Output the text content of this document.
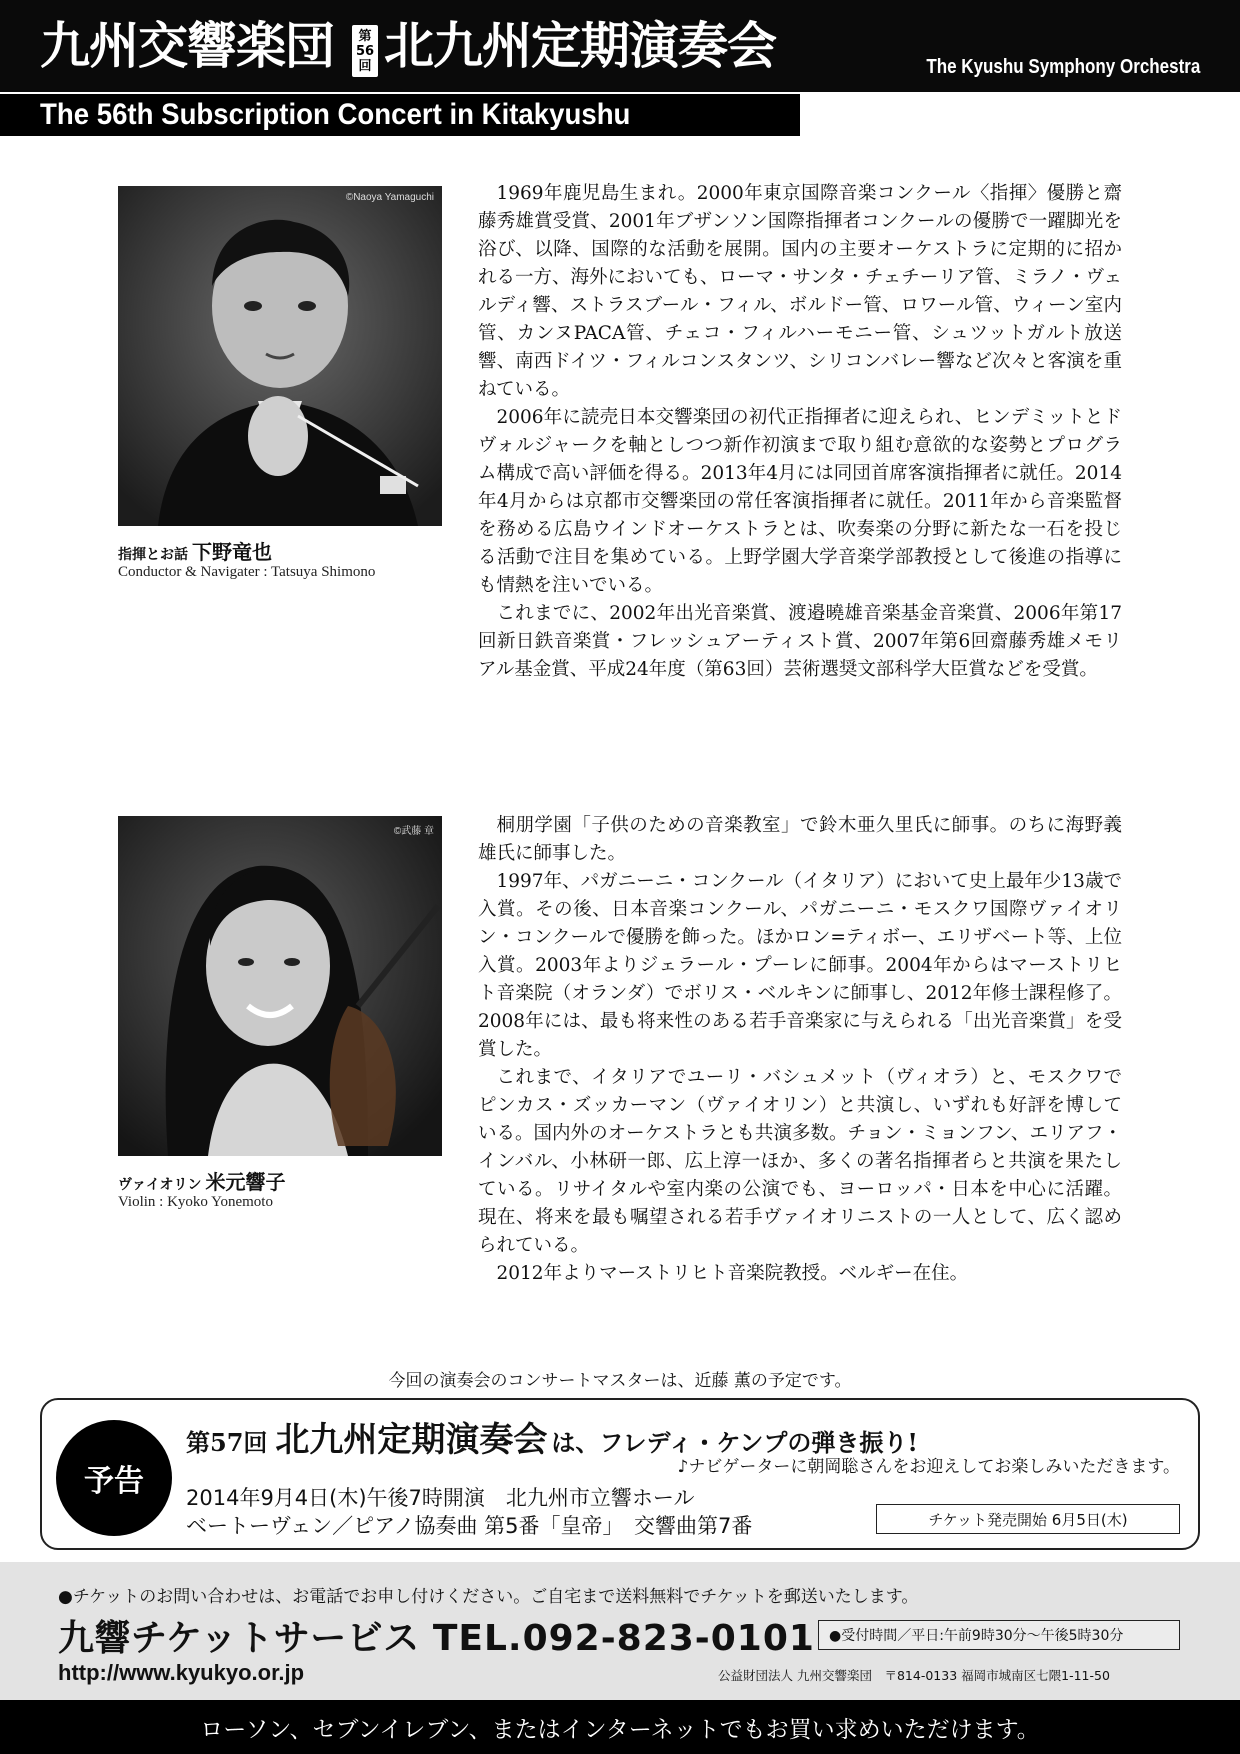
九州交響楽団	第
56
回 北九州定期演奏会	The Kyushu Symphony Orchestra
The 56th Subscription Concert in Kitakyushu
©Naoya Yamaguchi
指揮とお話 下野竜也
Conductor & Navigater : Tatsuya Shimono

1969年鹿児島生まれ。2000年東京国際音楽コンクール〈指揮〉優勝と齋藤秀雄賞受賞、2001年ブザンソン国際指揮者コンクールの優勝で一躍脚光を浴び、以降、国際的な活動を展開。国内の主要オーケストラに定期的に招かれる一方、海外においても、ローマ・サンタ・チェチーリア管、ミラノ・ヴェルディ響、ストラスブール・フィル、ボルドー管、ロワール管、ウィーン室内管、カンヌPACA管、チェコ・フィルハーモニー管、シュツットガルト放送響、南西ドイツ・フィルコンスタンツ、シリコンバレー響など次々と客演を重ねている。

2006年に読売日本交響楽団の初代正指揮者に迎えられ、ヒンデミットとドヴォルジャークを軸としつつ新作初演まで取り組む意欲的な姿勢とプログラム構成で高い評価を得る。2013年4月には同団首席客演指揮者に就任。2014年4月からは京都市交響楽団の常任客演指揮者に就任。2011年から音楽監督を務める広島ウインドオーケストラとは、吹奏楽の分野に新たな一石を投じる活動で注目を集めている。上野学園大学音楽学部教授として後進の指導にも情熱を注いでいる。

これまでに、2002年出光音楽賞、渡邉曉雄音楽基金音楽賞、2006年第17回新日鉄音楽賞・フレッシュアーティスト賞、2007年第6回齋藤秀雄メモリアル基金賞、平成24年度（第63回）芸術選奨文部科学大臣賞などを受賞。

©武藤 章
ヴァイオリン 米元響子
Violin : Kyoko Yonemoto

桐朋学園「子供のための音楽教室」で鈴木亜久里氏に師事。のちに海野義雄氏に師事した。

1997年、パガニーニ・コンクール（イタリア）において史上最年少13歳で入賞。その後、日本音楽コンクール、パガニーニ・モスクワ国際ヴァイオリン・コンクールで優勝を飾った。ほかロン=ティボー、エリザベート等、上位入賞。2003年よりジェラール・プーレに師事。2004年からはマーストリヒト音楽院（オランダ）でボリス・ベルキンに師事し、2012年修士課程修了。2008年には、最も将来性のある若手音楽家に与えられる「出光音楽賞」を受賞した。

これまで、イタリアでユーリ・バシュメット（ヴィオラ）と、モスクワでピンカス・ズッカーマン（ヴァイオリン）と共演し、いずれも好評を博している。国内外のオーケストラとも共演多数。チョン・ミョンフン、エリアフ・インバル、小林研一郎、広上淳一ほか、多くの著名指揮者らと共演を果たしている。リサイタルや室内楽の公演でも、ヨーロッパ・日本を中心に活躍。現在、将来を最も嘱望される若手ヴァイオリニストの一人として、広く認められている。

2012年よりマーストリヒト音楽院教授。ベルギー在住。

今回の演奏会のコンサートマスターは、近藤 薫の予定です。
予告
第57回 北九州定期演奏会 は、フレディ・ケンプの弾き振り!
♪ナビゲーターに朝岡聡さんをお迎えしてお楽しみいただきます。
2014年9月4日(木)午後7時開演　北九州市立響ホール
ベートーヴェン／ピアノ協奏曲 第5番「皇帝」　交響曲第7番	チケット発売開始 6月5日(木)
●チケットのお問い合わせは、お電話でお申し付けください。ご自宅まで送料無料でチケットを郵送いたします。
九響チケットサービス TEL.092-823-0101	●受付時間／平日:午前9時30分～午後5時30分
http://www.kyukyo.or.jp	公益財団法人 九州交響楽団　〒814-0133 福岡市城南区七隈1-11-50
ローソン、セブンイレブン、またはインターネットでもお買い求めいただけます。
